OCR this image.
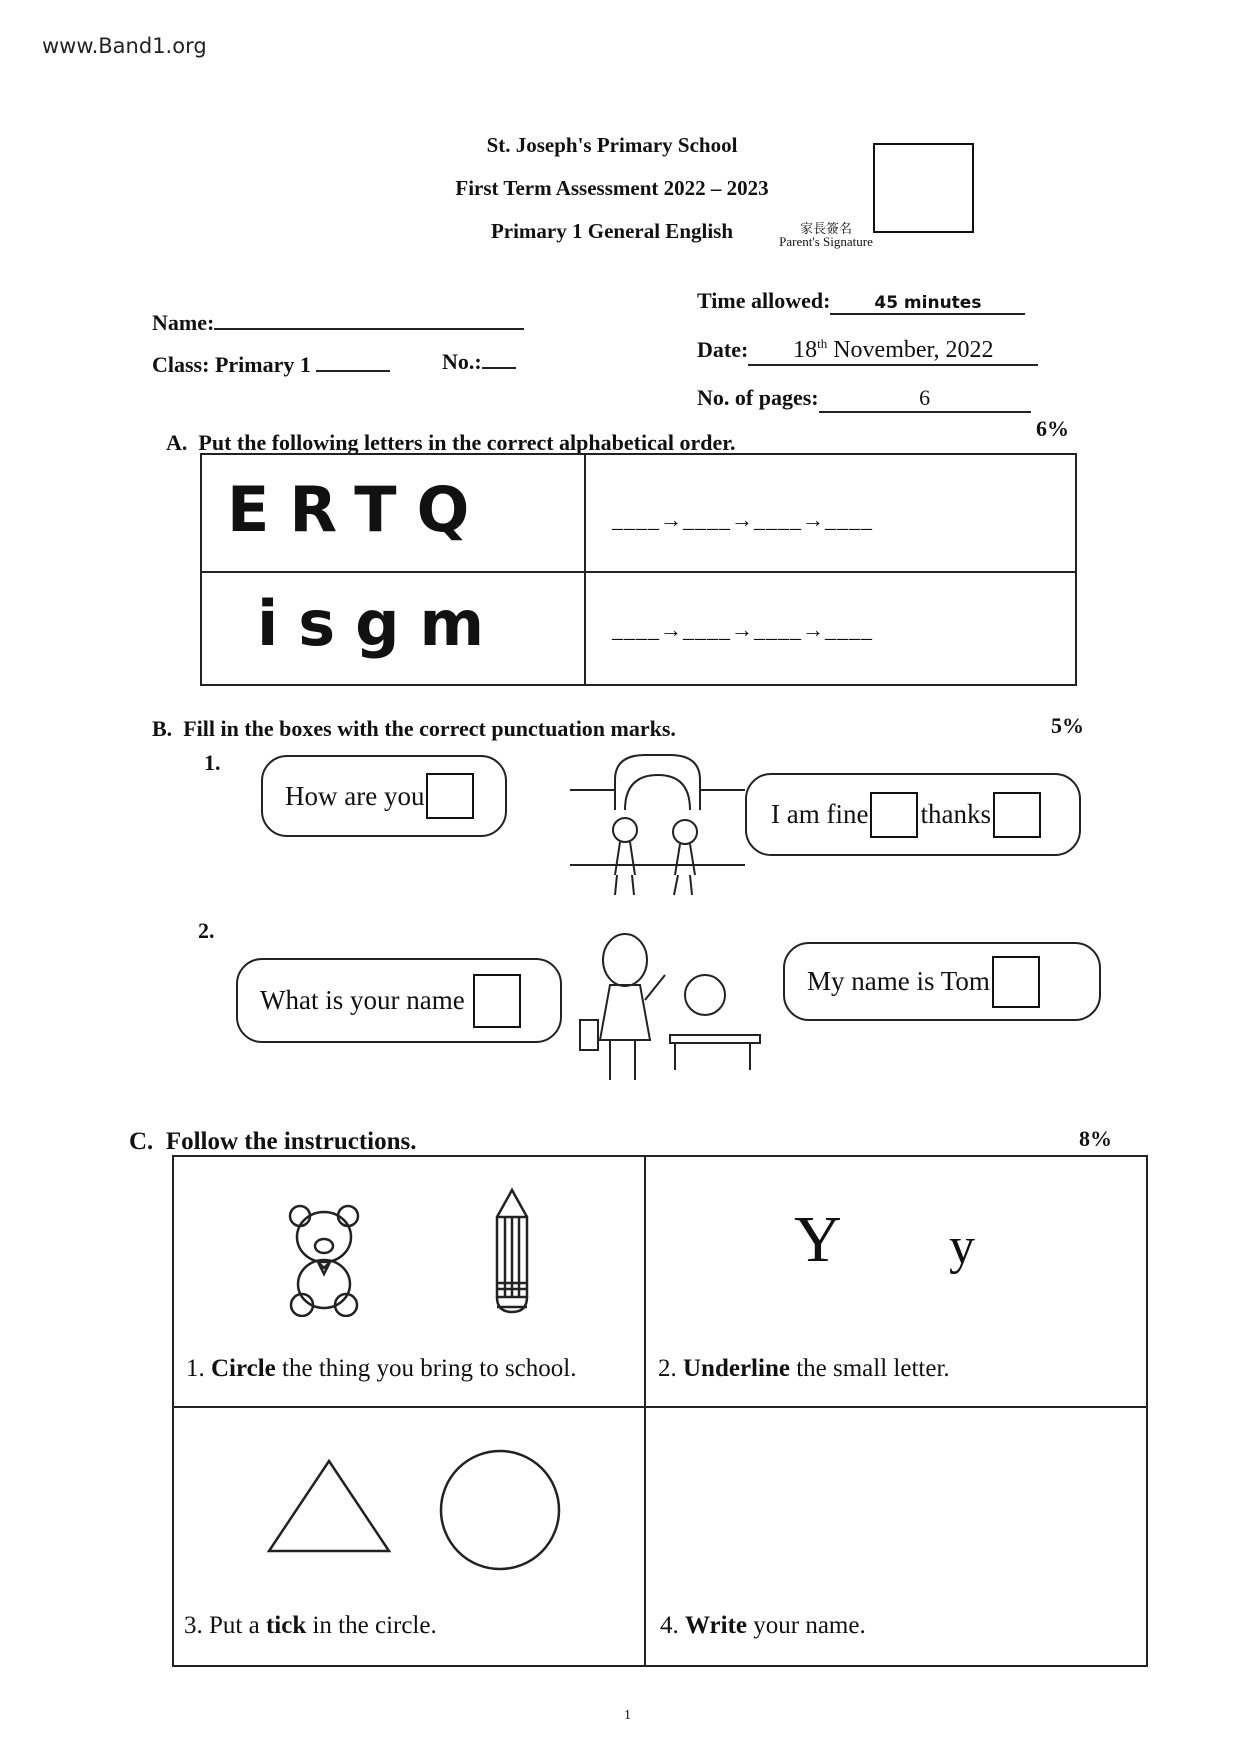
www.Band1.org
St. Joseph's Primary School
First Term Assessment 2022 – 2023
Primary 1 General English	家長簽名
Parent's Signature
Name:
Class: Primary 1	No.:
Time allowed:	45 minutes
Date: 18th November, 2022
No. of pages:	6
A. Put the following letters in the correct alphabetical order.
6%
ERTQ	____→____→____→____
isgm	____→____→____→____
B. Fill in the boxes with the correct punctuation marks.	5%
1.
How are you
I am fine thanks
2.
What is your name

My name is Tom
C. Follow the instructions.	8%
1. Circle the thing you bring to school.
Y y
2. Underline the small letter.
3. Put a tick in the circle.	4. Write your name.
1
